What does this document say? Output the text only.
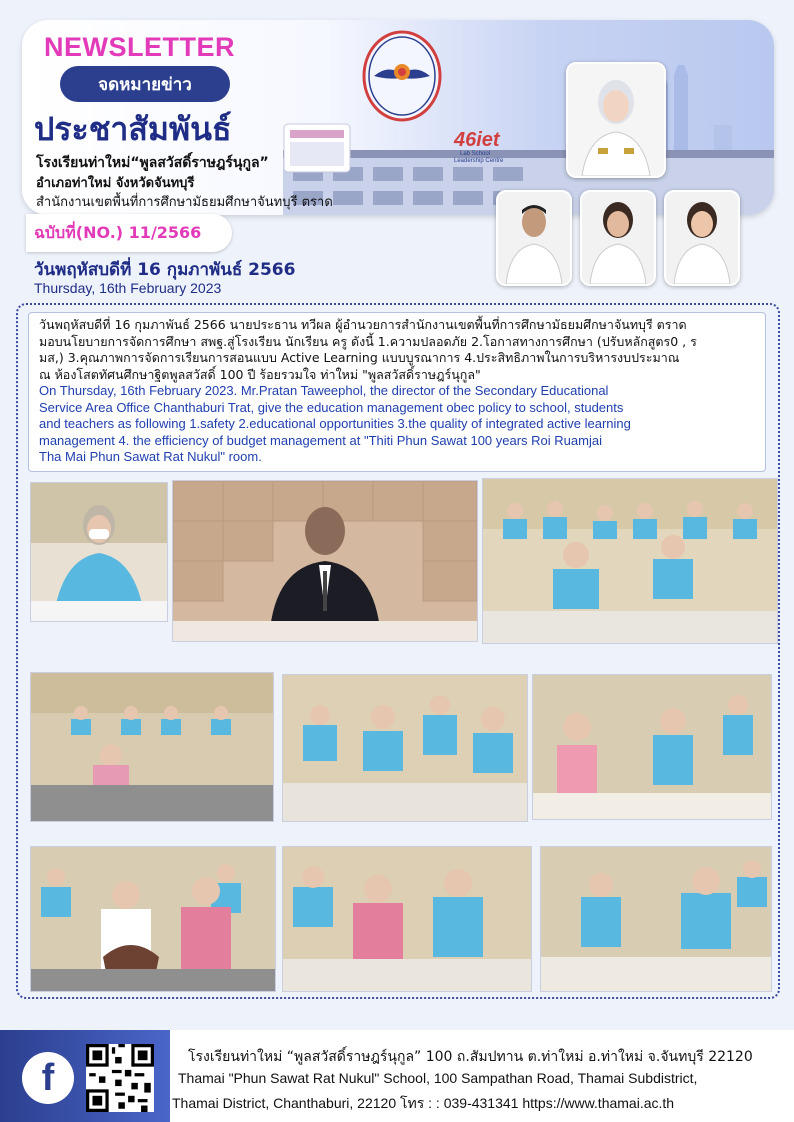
NEWSLETTER
จดหมายข่าว
ประชาสัมพันธ์
โรงเรียนท่าใหม่“พูลสวัสดิ์ราษฎร์นุกูล”
อำเภอท่าใหม่ จังหวัดจันทบุรี
สำนักงานเขตพื้นที่การศึกษามัธยมศึกษาจันทบุรี ตราด
46iet
Lab School
Leadership Centre
ฉบับที่(NO.) 11/2566
วันพฤหัสบดีที่ 16 กุมภาพันธ์ 2566
Thursday, 16th February 2023
วันพฤหัสบดีที่ 16 กุมภาพันธ์ 2566 นายประธาน ทวีผล ผู้อำนวยการสำนักงานเขตพื้นที่การศึกษามัธยมศึกษาจันทบุรี ตราด
มอบนโยบายการจัดการศึกษา สพฐ.สู่โรงเรียน นักเรียน ครู ดังนี้ 1.ความปลอดภัย 2.โอกาสทางการศึกษา (ปรับหลักสูตร0 , ร
มส,) 3.คุณภาพการจัดการเรียนการสอนแบบ Active Learning แบบบูรณาการ 4.ประสิทธิภาพในการบริหารงบประมาณ
ณ ห้องโสตทัศนศึกษาฐิตพูลสวัสดิ์ 100 ปี ร้อยรวมใจ ท่าใหม่ "พูลสวัสดิ์ราษฎร์นุกูล"
On Thursday, 16th February 2023. Mr.Pratan Taweephol, the director of the Secondary Educational
Service Area Office Chanthaburi Trat, give the education management obec policy to school, students
and teachers as following 1.safety 2.educational opportunities 3.the quality of integrated active learning
management 4. the efficiency of budget management at "Thiti Phun Sawat 100 years Roi Ruamjai
Tha Mai Phun Sawat Rat Nukul" room.
f	โรงเรียนท่าใหม่ “พูลสวัสดิ์ราษฎร์นุกูล” 100 ถ.สัมปทาน ต.ท่าใหม่ อ.ท่าใหม่ จ.จันทบุรี 22120
Thamai "Phun Sawat Rat Nukul" School, 100 Sampathan Road, Thamai Subdistrict,
Thamai District, Chanthaburi, 22120 โทร : : 039-431341 https://www.thamai.ac.th
